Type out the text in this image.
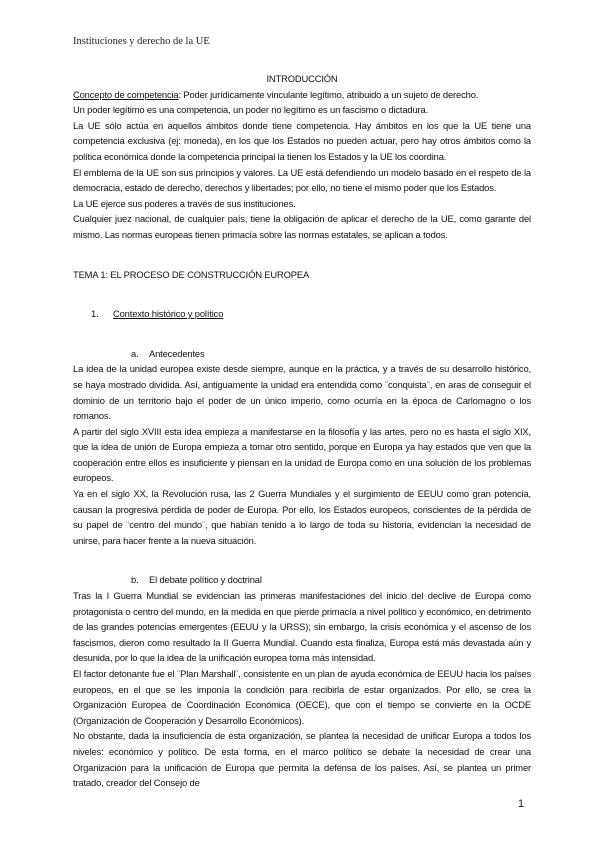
Instituciones y derecho de la UE

INTRODUCCIÓN

Concepto de competencia: Poder jurídicamente vinculante legítimo, atribuido a un sujeto de derecho.

Un poder legítimo es una competencia, un poder no legítimo es un fascismo o dictadura.

La UE sólo actúa en aquellos ámbitos donde tiene competencia. Hay ámbitos en los que la UE tiene una competencia exclusiva (ej: moneda), en los que los Estados no pueden actuar, pero hay otros ámbitos como la política económica donde la competencia principal la tienen los Estados y la UE los coordina.

El emblema de la UE son sus principios y valores. La UE está defendiendo un modelo basado en el respeto de la democracia, estado de derecho, derechos y libertades; por ello, no tiene el mismo poder que los Estados.

La UE ejerce sus poderes a través de sus instituciones.

Cualquier juez nacional, de cualquier país, tiene la obligación de aplicar el derecho de la UE, como garante del mismo. Las normas europeas tienen primacía sobre las normas estatales, se aplican a todos.

TEMA 1: EL PROCESO DE CONSTRUCCIÓN EUROPEA

1. Contexto histórico y político

a. Antecedentes

La idea de la unidad europea existe desde siempre, aunque en la práctica, y a través de su desarrollo histórico, se haya mostrado dividida. Así, antiguamente la unidad era entendida como ¨conquista¨, en aras de conseguir el dominio de un territorio bajo el poder de un único imperio, como ocurría en la época de Carlomagno o los romanos.

A partir del siglo XVIII esta idea empieza a manifestarse en la filosofía y las artes, pero no es hasta el siglo XIX, que la idea de unión de Europa empieza a tomar otro sentido, porque en Europa ya hay estados que ven que la cooperación entre ellos es insuficiente y piensan en la unidad de Europa como en una solución de los problemas europeos.

Ya en el siglo XX, la Revolución rusa, las 2 Guerra Mundiales y el surgimiento de EEUU como gran potencia, causan la progresiva pérdida de poder de Europa. Por ello, los Estados europeos, conscientes de la pérdida de su papel de ¨centro del mundo¨, que habían tenido a lo largo de toda su historia, evidencian la necesidad de unirse, para hacer frente a la nueva situación.

b. El debate político y doctrinal

Tras la I Guerra Mundial se evidencian las primeras manifestaciones del inicio del declive de Europa como protagonista o centro del mundo, en la medida en que pierde primacía a nivel político y económico, en detrimento de las grandes potencias emergentes (EEUU y la URSS); sin embargo, la crisis económica y el ascenso de los fascismos, dieron como resultado la II Guerra Mundial. Cuando esta finaliza, Europa está más devastada aún y desunida, por lo que la idea de la unificación europea toma más intensidad.

El factor detonante fue el ¨Plan Marshall¨, consistente en un plan de ayuda económica de EEUU hacia los países europeos, en el que se les imponía la condición para recibirla de estar organizados. Por ello, se crea la Organización Europea de Coordinación Económica (OECE), que con el tiempo se convierte en la OCDE (Organización de Cooperación y Desarrollo Económicos).

No obstante, dada la insuficiencia de esta organización, se plantea la necesidad de unificar Europa a todos los niveles: económico y político. De esta forma, en el marco político se debate la necesidad de crear una Organización para la unificación de Europa que permita la defensa de los países. Así, se plantea un primer tratado, creador del Consejo de

1
